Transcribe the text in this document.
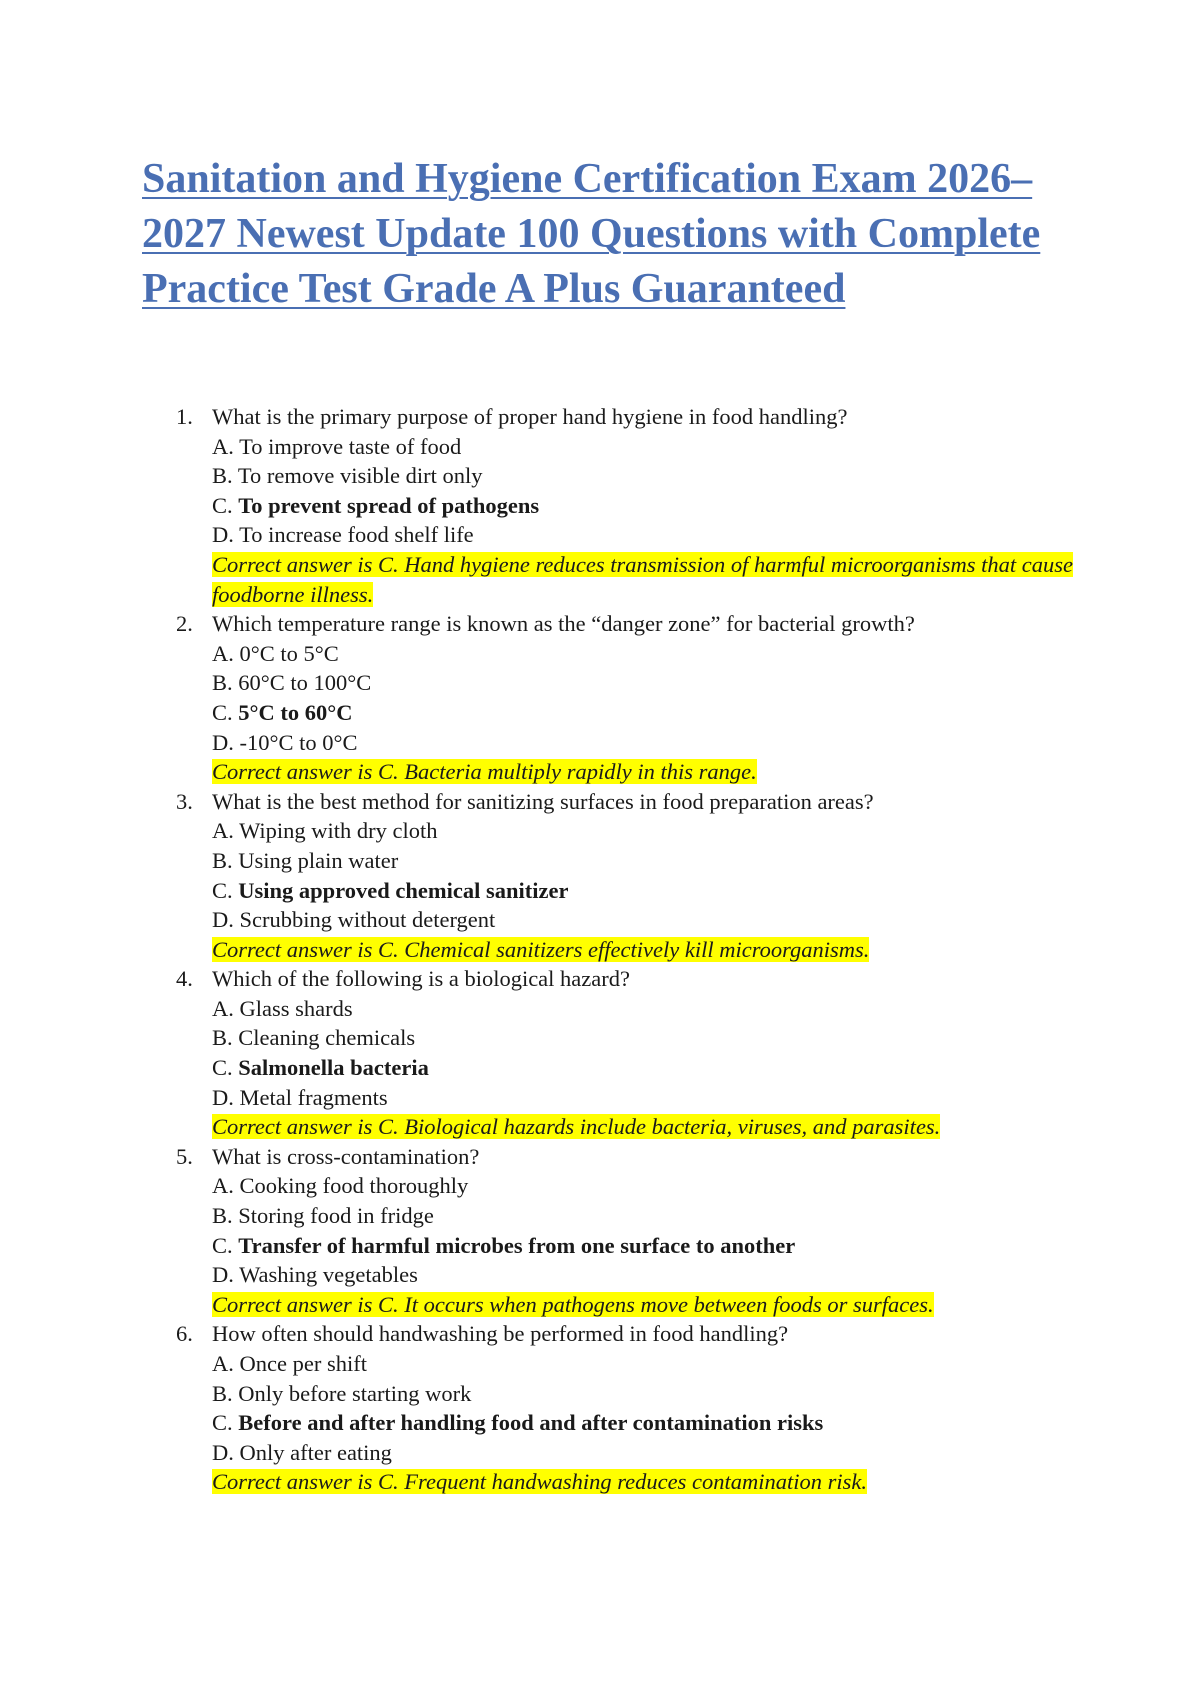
Sanitation and Hygiene Certification Exam 2026–2027 Newest Update 100 Questions with Complete Practice Test Grade A Plus Guaranteed
1. What is the primary purpose of proper hand hygiene in food handling?
A. To improve taste of food
B. To remove visible dirt only
C. To prevent spread of pathogens
D. To increase food shelf life
Correct answer is C. Hand hygiene reduces transmission of harmful microorganisms that cause foodborne illness.
2. Which temperature range is known as the “danger zone” for bacterial growth?
A. 0°C to 5°C
B. 60°C to 100°C
C. 5°C to 60°C
D. -10°C to 0°C
Correct answer is C. Bacteria multiply rapidly in this range.
3. What is the best method for sanitizing surfaces in food preparation areas?
A. Wiping with dry cloth
B. Using plain water
C. Using approved chemical sanitizer
D. Scrubbing without detergent
Correct answer is C. Chemical sanitizers effectively kill microorganisms.
4. Which of the following is a biological hazard?
A. Glass shards
B. Cleaning chemicals
C. Salmonella bacteria
D. Metal fragments
Correct answer is C. Biological hazards include bacteria, viruses, and parasites.
5. What is cross-contamination?
A. Cooking food thoroughly
B. Storing food in fridge
C. Transfer of harmful microbes from one surface to another
D. Washing vegetables
Correct answer is C. It occurs when pathogens move between foods or surfaces.
6. How often should handwashing be performed in food handling?
A. Once per shift
B. Only before starting work
C. Before and after handling food and after contamination risks
D. Only after eating
Correct answer is C. Frequent handwashing reduces contamination risk.
